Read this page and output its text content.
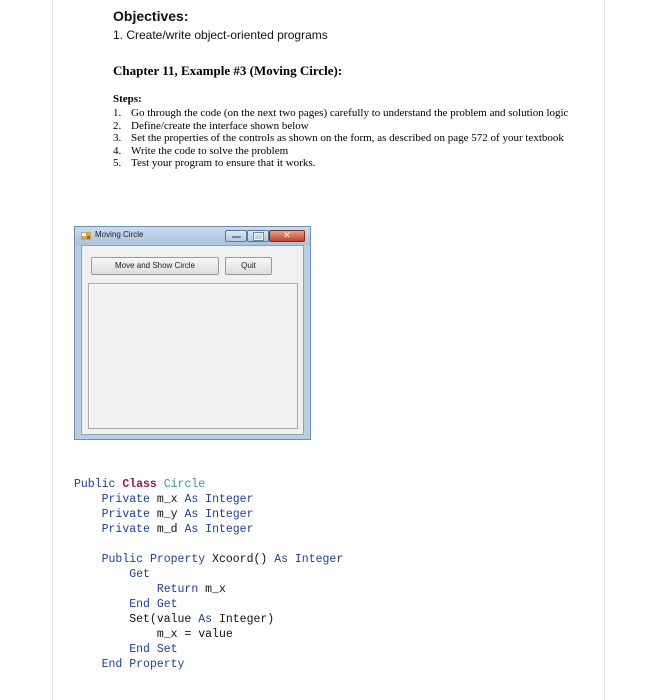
Objectives:
1. Create/write object-oriented programs
Chapter 11, Example #3 (Moving Circle):
Steps:
1. Go through the code (on the next two pages) carefully to understand the problem and solution logic
2. Define/create the interface shown below
3. Set the properties of the controls as shown on the form, as described on page 572 of your textbook
4. Write the code to solve the problem
5. Test your program to ensure that it works.
Moving Circle	✕
Move and Show Circle	Quit
Public Class Circle
Private m_x As Integer
Private m_y As Integer
Private m_d As Integer

Public Property Xcoord() As Integer
Get
Return m_x
End Get
Set(value As Integer)
m_x = value
End Set
End Property
